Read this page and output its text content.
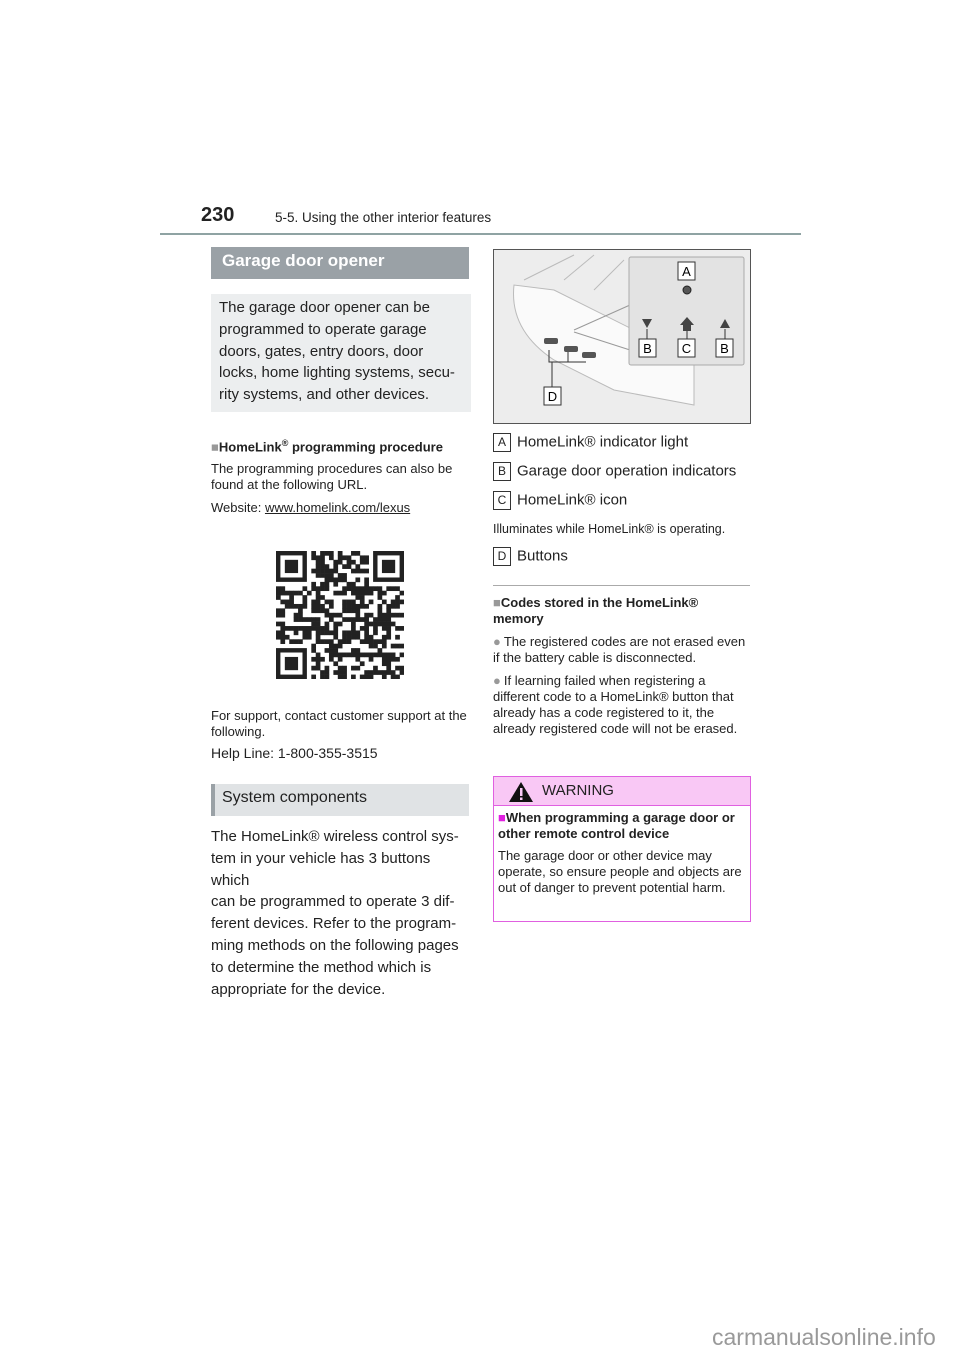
230	5-5. Using the other interior features
Garage door opener
The garage door opener can be
programmed to operate garage
doors, gates, entry doors, door
locks, home lighting systems, secu-
rity systems, and other devices.
■HomeLink® programming procedure
The programming procedures can also be found at the following URL.
Website: www.homelink.com/lexus
For support, contact customer support at the following.
Help Line: 1-800-355-3515
System components
The HomeLink® wireless control sys-
tem in your vehicle has 3 buttons which
can be programmed to operate 3 dif-
ferent devices. Refer to the program-
ming methods on the following pages
to determine the method which is
appropriate for the device.
D
A
B C B
A HomeLink® indicator light
B Garage door operation indicators
C HomeLink® icon
Illuminates while HomeLink® is operating.
D Buttons
■Codes stored in the HomeLink® memory
● The registered codes are not erased even if the battery cable is disconnected.
● If learning failed when registering a different code to a HomeLink® button that already has a code registered to it, the already registered code will not be erased.
WARNING
■When programming a garage door or other remote control device
The garage door or other device may operate, so ensure people and objects are out of danger to prevent potential harm.
carmanualsonline.info
